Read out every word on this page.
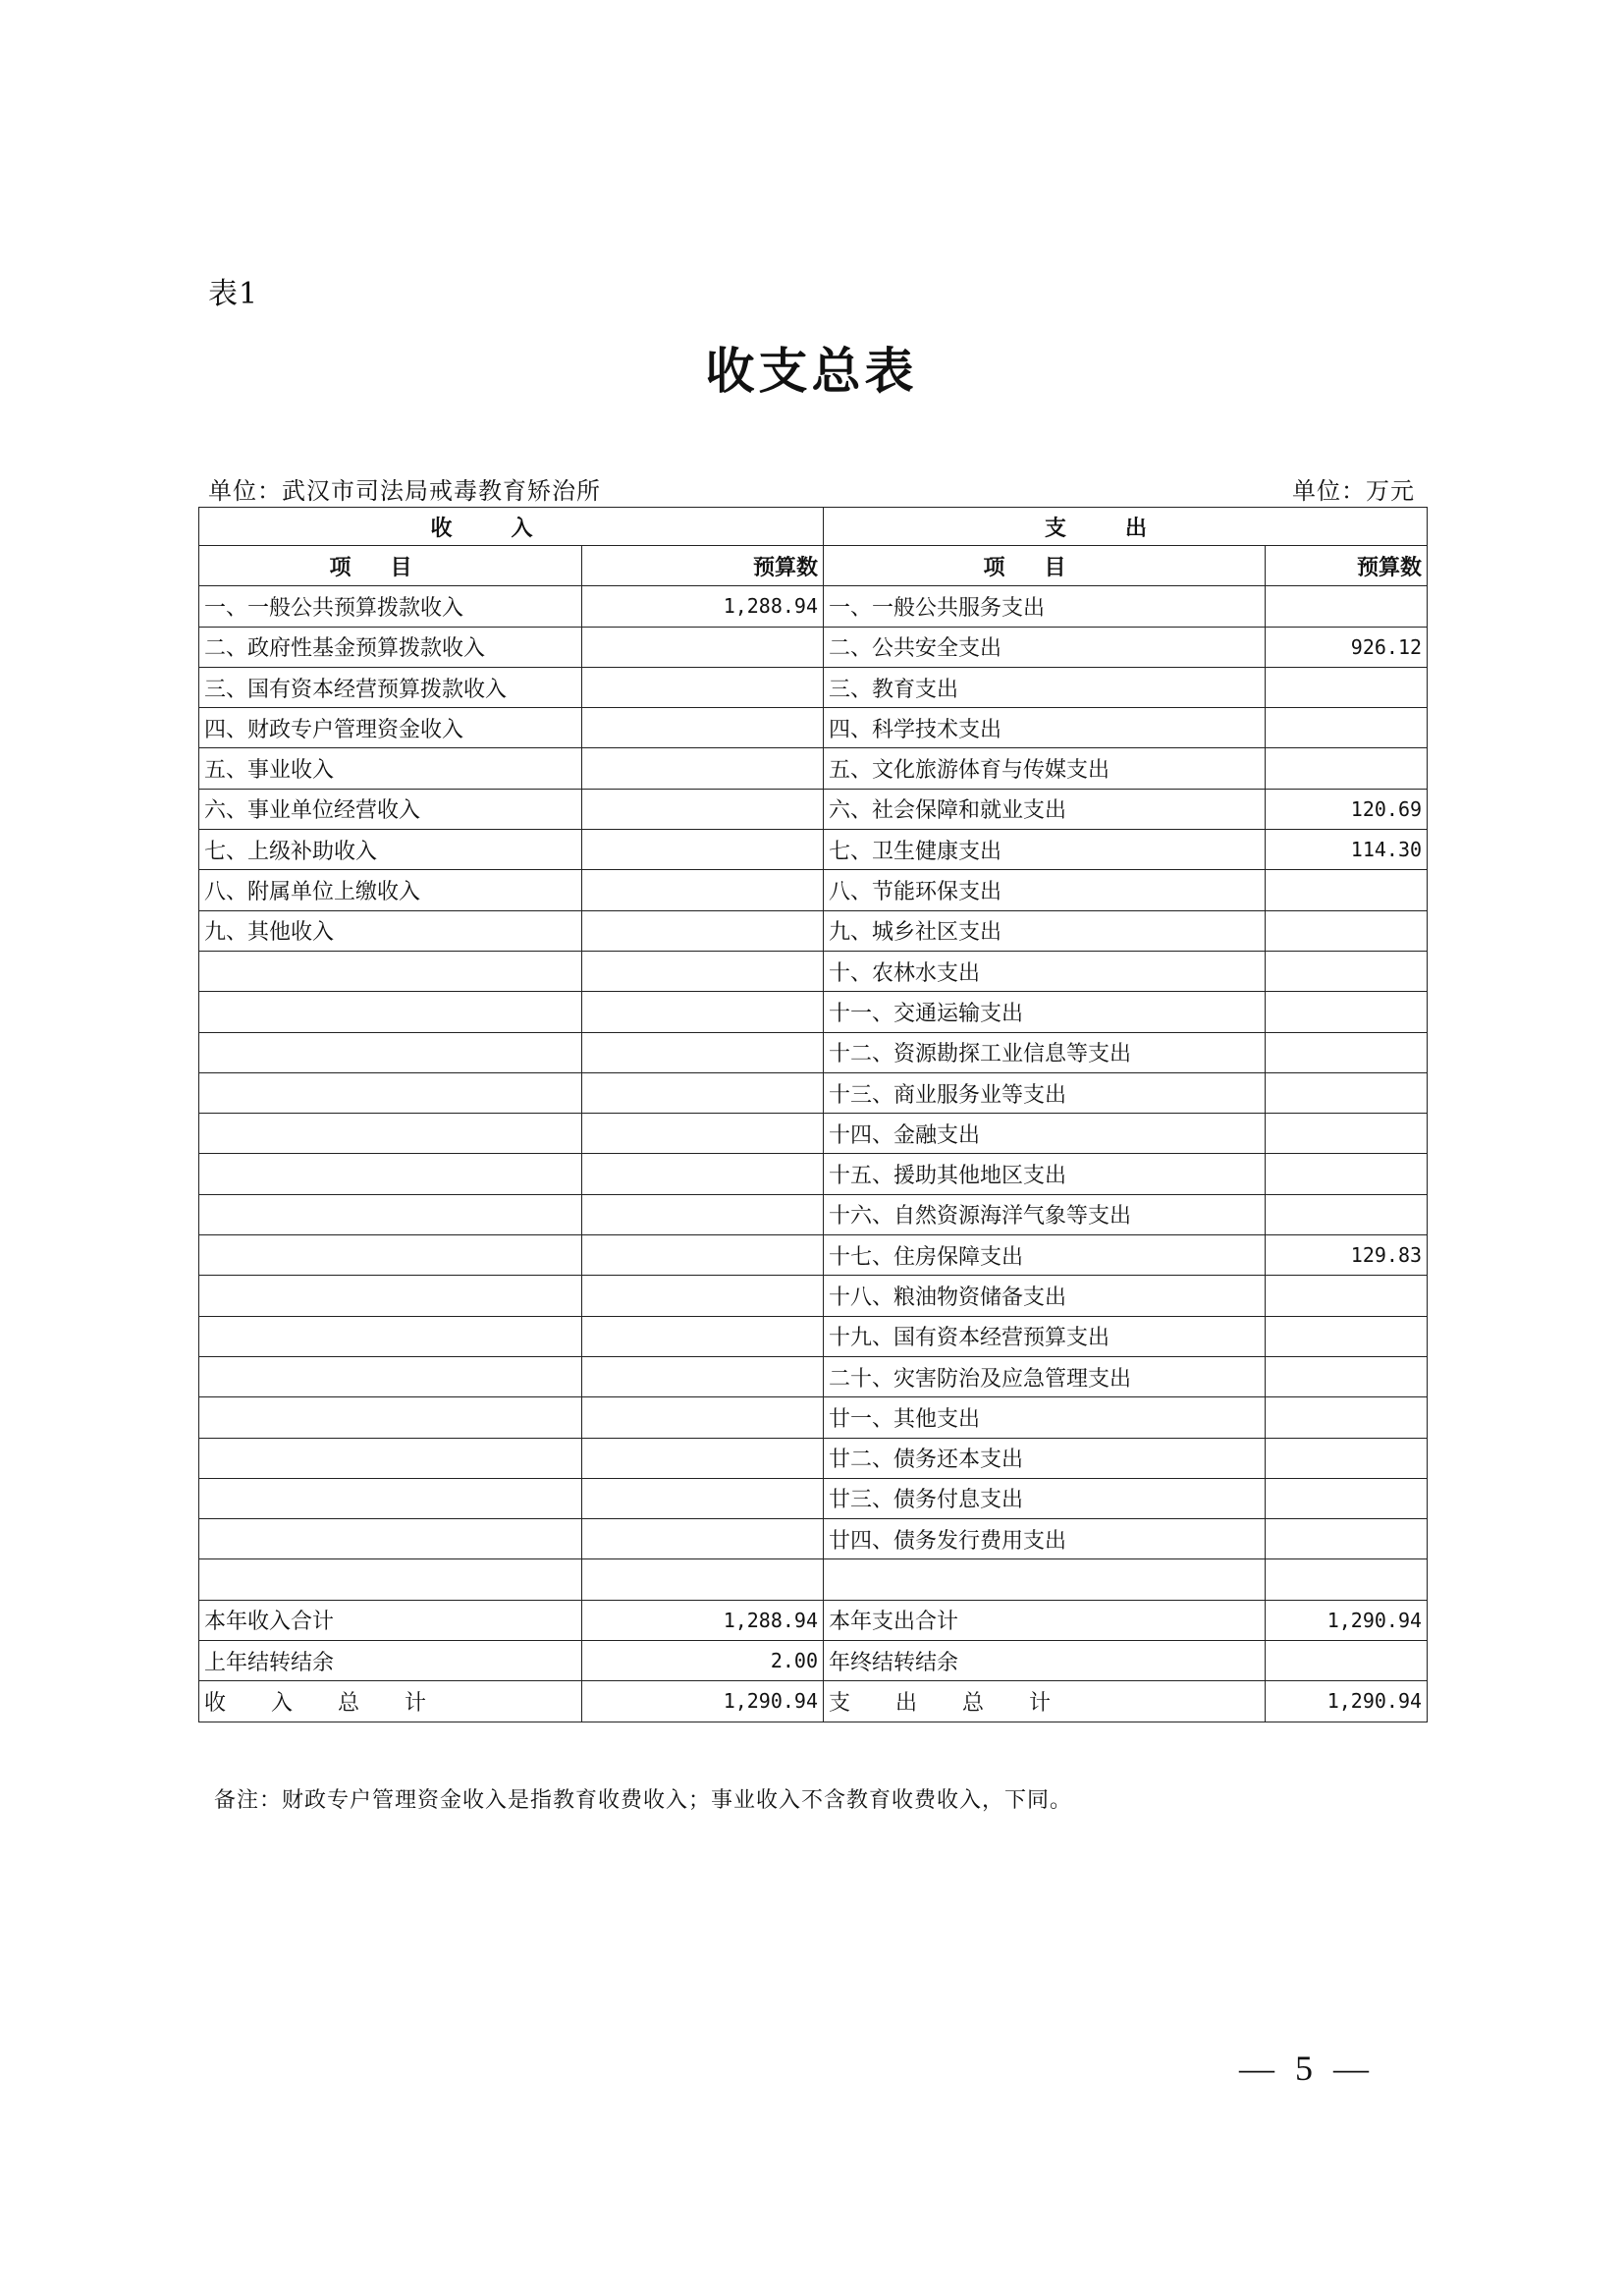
表1
收支总表
单位：武汉市司法局戒毒教育矫治所	单位：万元
收入		支出	
项目	预算数	项目	预算数
一、一般公共预算拨款收入	1,288.94	一、一般公共服务支出	
二、政府性基金预算拨款收入		二、公共安全支出	926.12
三、国有资本经营预算拨款收入		三、教育支出	
四、财政专户管理资金收入		四、科学技术支出	
五、事业收入		五、文化旅游体育与传媒支出	
六、事业单位经营收入		六、社会保障和就业支出	120.69
七、上级补助收入		七、卫生健康支出	114.30
八、附属单位上缴收入		八、节能环保支出	
九、其他收入		九、城乡社区支出	
		十、农林水支出	
		十一、交通运输支出	
		十二、资源勘探工业信息等支出	
		十三、商业服务业等支出	
		十四、金融支出	
		十五、援助其他地区支出	
		十六、自然资源海洋气象等支出	
		十七、住房保障支出	129.83
		十八、粮油物资储备支出	
		十九、国有资本经营预算支出	
		二十、灾害防治及应急管理支出	
		廿一、其他支出	
		廿二、债务还本支出	
		廿三、债务付息支出	
		廿四、债务发行费用支出	

本年收入合计	1,288.94	本年支出合计	1,290.94
上年结转结余	2.00	年终结转结余	
收入总计	1,290.94	支出总计	1,290.94
备注：财政专户管理资金收入是指教育收费收入；事业收入不含教育收费收入，下同。
— 5 —
